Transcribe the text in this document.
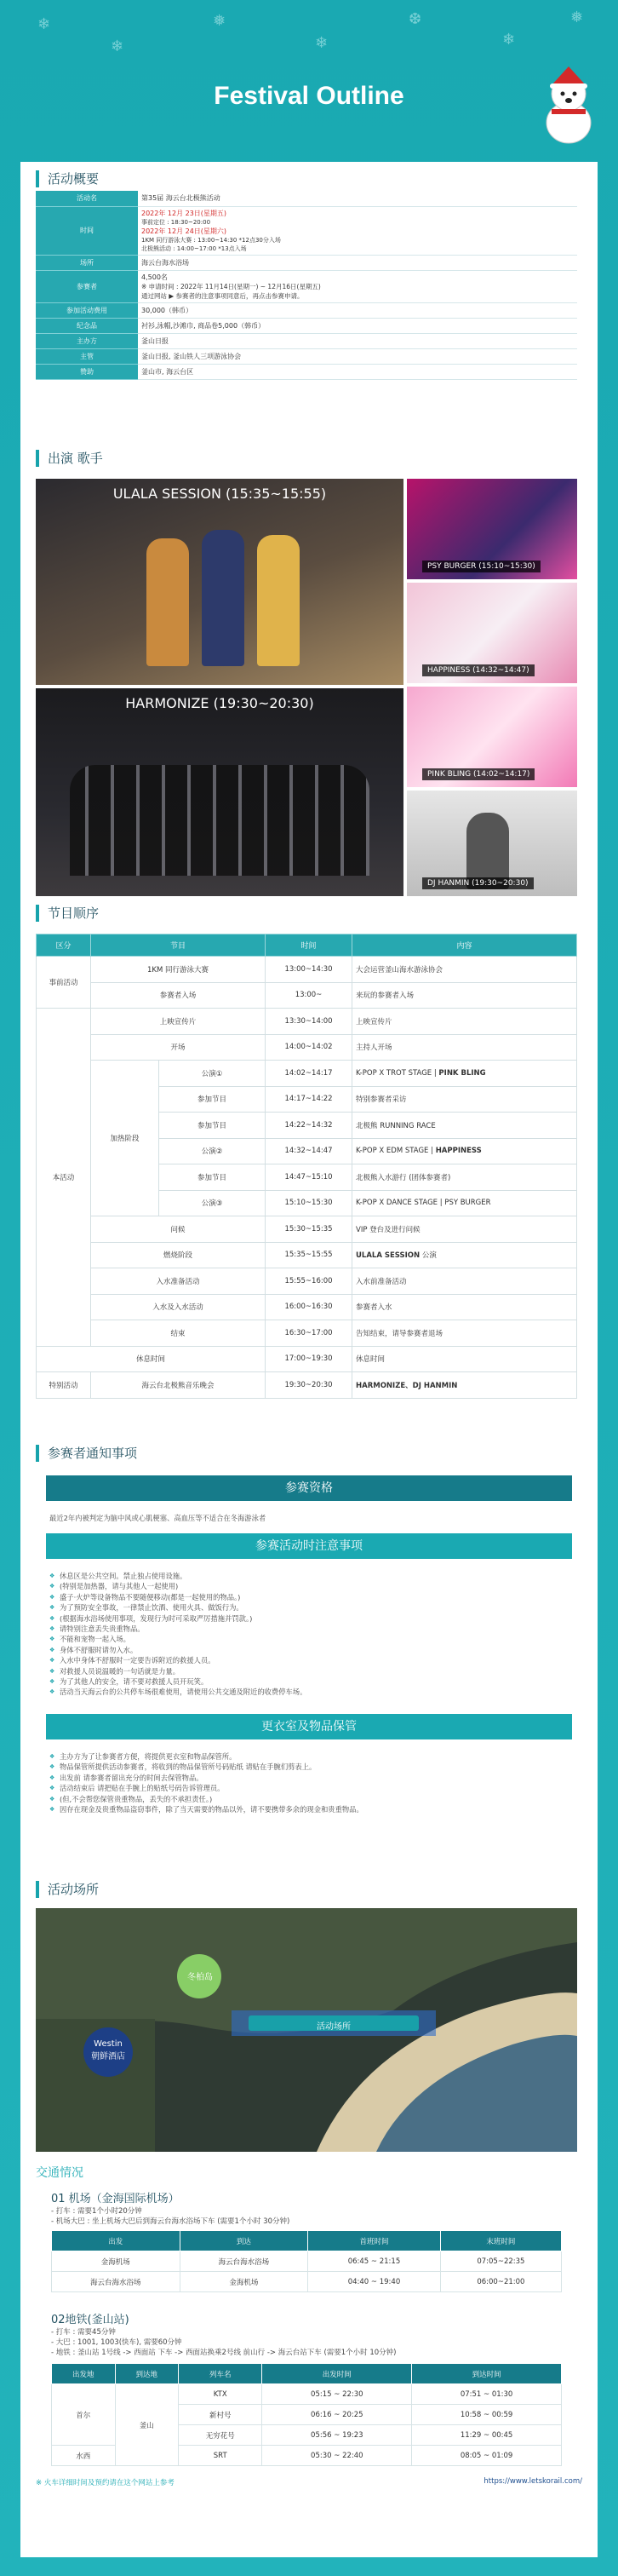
❄
❄
❅
❄
❆
❄
❅
Festival Outline
活动概要
活动名	第35届 海云台北极熊活动
时间	2022年 12月 23日(星期五)
事前定位 : 18:30~20:00
2022年 12月 24日(星期六)
1KM 同行游泳大赛 : 13:00~14:30 *12点30分入场
北极熊活动 : 14:00~17:00 *13点入场

场所	海云台海水浴场
参赛者	4,500名
※ 申请时间 : 2022年 11月14日(星期一) ~ 12月16日(星期五)
通过网站 ▶ 参赛者的注意事项同意后，再点击参赛申请。

参加活动费用	30,000（韩币）
纪念品	衬衫,泳帽,沙滩巾, 商品卷5,000（韩币）
主办方	釜山日报
主管	釜山日报, 釜山铁人三项游泳协会
赞助	釜山市, 海云台区
出演 歌手
ULALA SESSION (15:35~15:55)
HARMONIZE (19:30~20:30)
PSY BURGER (15:10~15:30)
HAPPINESS (14:32~14:47)
PINK BLING (14:02~14:17)
DJ HANMIN (19:30~20:30)
节目顺序
区分	节目		时间	内容
事前活动	1KM 同行游泳大赛		13:00~14:30	大会运营釜山海水游泳协会
	参赛者入场		13:00~	来玩的参赛者入场
本活动	上映宣传片		13:30~14:00	上映宣传片
	开场		14:00~14:02	主持人开场
	加热阶段	公演①	14:02~14:17	K-POP X TROT STAGE | PINK BLING
		参加节目	14:17~14:22	特别参赛者采访
		参加节目	14:22~14:32	北极熊 RUNNING RACE
		公演②	14:32~14:47	K-POP X EDM STAGE | HAPPINESS
		参加节目	14:47~15:10	北极熊入水游行 (团体参赛者)
		公演③	15:10~15:30	K-POP X DANCE STAGE | PSY BURGER
	问候		15:30~15:35	VIP 登台及进行问候
	燃烧阶段		15:35~15:55	ULALA SESSION 公演
	入水准备活动		15:55~16:00	入水前准备活动
	入水及入水活动		16:00~16:30	参赛者入水
	结束		16:30~17:00	告知结束，请导参赛者退场
休息时间			17:00~19:30	休息时间
特别活动	海云台北极熊音乐晚会		19:30~20:30	HARMONIZE、DJ HANMIN
参赛者通知事项
参赛资格
最近2年内被判定为脑中风或心肌梗塞、高血压等不适合在冬海游泳者
参赛活动时注意事项
❖ 休息区是公共空间。禁止独占使用设施。
❖ (特别是加热器，请与其他人一起使用)
❖ 盛子·火炉等设备物品不要随便移动(都是一起使用的物品。)
❖ 为了预防安全事故，一律禁止饮酒、使用火具、做饭行为。
❖ (根据海水浴场使用事项，发现行为时可采取严厉措施并罚款。)
❖ 请特别注意丢失贵重物品。
❖ 不能和宠物一起入场。
❖ 身体不舒服时请勿入水。
❖ 入水中身体不舒服时一定要告诉附近的救援人员。
❖ 对救援人员说温暖的一句话就是力量。
❖ 为了其他人的安全，请不要对救援人员开玩笑。
❖ 活动当天海云台的公共停车场很难使用，请使用公共交通及附近的收费停车场。
更衣室及物品保管
❖ 主办方为了让参赛者方便，将提供更衣室和物品保管所。
❖ 物品保管所提供活动参赛者，将收到的物品保管所号码贴纸 请贴在手腕们剪表上。
❖ 出发前 请参赛者留出充分的时间去保管物品。
❖ 活动结束后 请把贴在手腕上的贴纸号码告诉管理员。
❖ (但,不会帮您保管贵重物品，丢失的不承担责任。)
❖ 因存在现金及贵重物品盗窃事件，除了当天需要的物品以外，请不要携带多余的现金和贵重物品。
活动场所
冬柏岛
Westin
朝鲜酒店
活动场所
交通情况
01 机场（金海国际机场）
- 打车 : 需要1个小时20分钟
- 机场大巴 : 坐上机场大巴后到海云台海水浴场下车 (需要1个小时 30分钟)
出发	到达	首班时间	末班时间
金海机场	海云台海水浴场	06:45 ~ 21:15	07:05~22:35
海云台海水浴场	金海机场	04:40 ~ 19:40	06:00~21:00
02地铁(釜山站)
- 打车 : 需要45分钟
- 大巴 : 1001, 1003(快车), 需要60分钟
- 地铁 : 釜山站 1号线 -> 西面站 下车 -> 西面站换乘2号线 前山行 -> 海云台站下车 (需要1个小时 10分钟)
出发地	到达地	列车名	出发时间	到达时间
首尔	釜山	KTX	05:15 ~ 22:30	07:51 ~ 01:30
		新村号	06:16 ~ 20:25	10:58 ~ 00:59
		无穷花号	05:56 ~ 19:23	11:29 ~ 00:45
水西		SRT	05:30 ~ 22:40	08:05 ~ 01:09
※ 火车详细时间及预约请在这个网站上参考	https://www.letskorail.com/
